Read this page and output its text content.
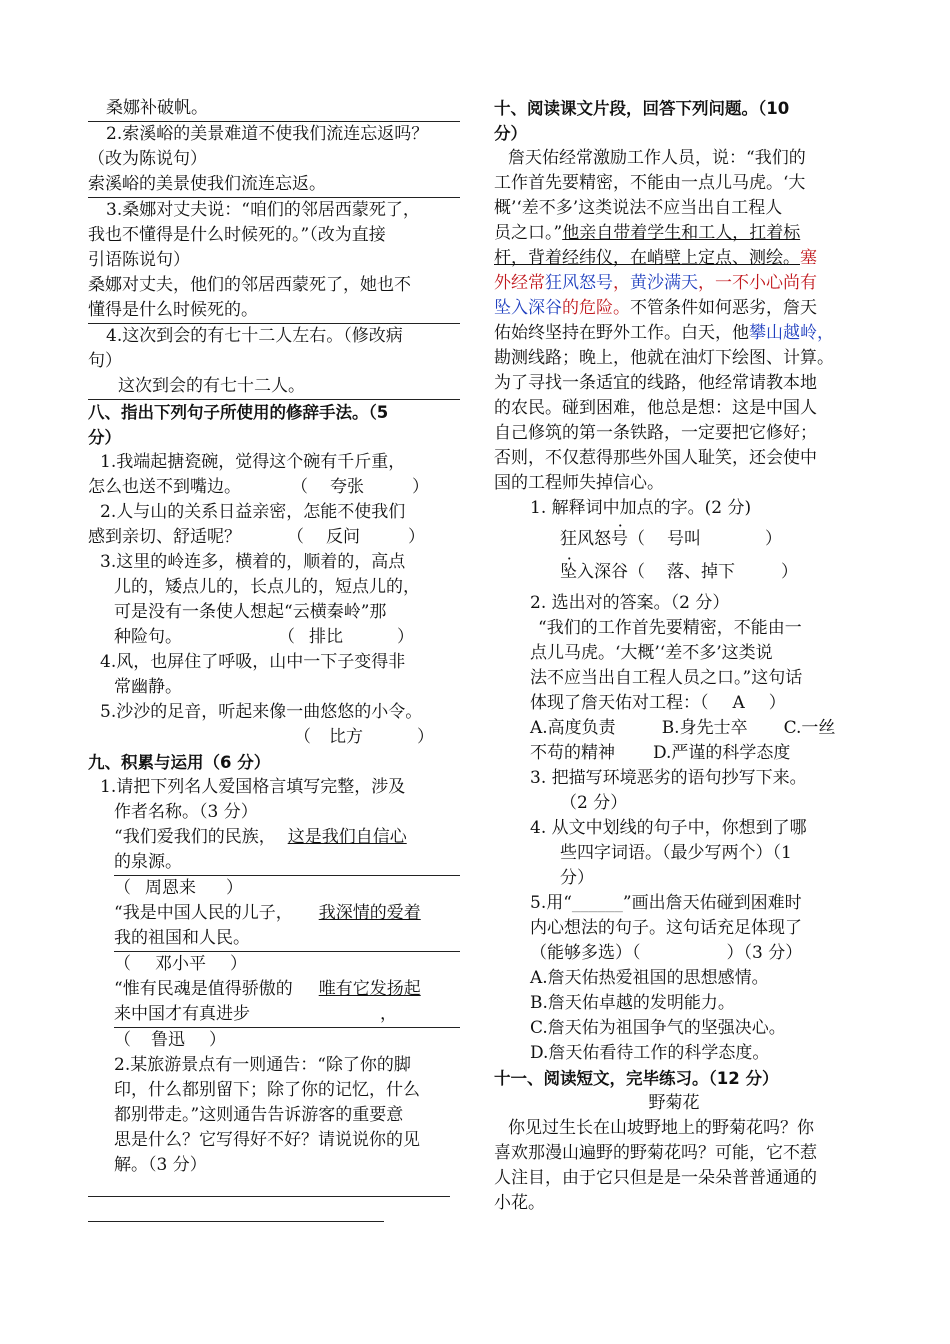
桑娜补破帆。

2.索溪峪的美景难道不使我们流连忘返吗？

（改为陈说句）

索溪峪的美景使我们流连忘返。

3.桑娜对丈夫说：“咱们的邻居西蒙死了，

我也不懂得是什么时候死的。”（改为直接

引语陈说句）

桑娜对丈夫，他们的邻居西蒙死了，她也不

懂得是什么时候死的。

4.这次到会的有七十二人左右。（修改病

句）

这次到会的有七十二人。

八、指出下列句子所使用的修辞手法。（5

分）

1.我端起搪瓷碗，觉得这个碗有千斤重，

怎么也送不到嘴边。	（ 夸张	）

2.人与山的关系日益亲密，怎能不使我们

感到亲切、舒适呢？	（ 反问	）

3.这里的岭连多，横着的，顺着的，高点

儿的，矮点儿的，长点儿的，短点儿的，

可是没有一条使人想起“云横秦岭”那

种险句。	（ 排比	）

4.风，也屏住了呼吸，山中一下子变得非

常幽静。

5.沙沙的足音，听起来像一曲悠悠的小令。

（ 比方	）

九、积累与运用（6 分）

1.请把下列名人爱国格言填写完整，涉及

作者名称。（3 分）

“我们爱我们的民族， 这是我们自信心

的泉源。

（ 周恩来 ）

“我是中国人民的儿子， 我深情的爱着

我的祖国和人民。

（ 邓小平 ）

“惟有民魂是值得骄傲的 唯有它发扬起

来中国才有真进步	，

（ 鲁迅 ）

2.某旅游景点有一则通告：“除了你的脚

印，什么都别留下；除了你的记忆，什么

都别带走。”这则通告告诉游客的重要意

思是什么？它写得好不好？请说说你的见

解。（3 分）

十、阅读课文片段，回答下列问题。（10

分）

詹天佑经常激励工作人员，说：“我们的

工作首先要精密，不能由一点儿马虎。‘大

概’‘差不多’这类说法不应当出自工程人

员之口。”他亲自带着学生和工人，扛着标

杆，背着经纬仪，在峭壁上定点、测绘。塞

外经常狂风怒号，黄沙满天，一不小心尚有

坠入深谷的危险。不管条件如何恶劣，詹天

佑始终坚持在野外工作。白天，他攀山越岭，

勘测线路；晚上，他就在油灯下绘图、计算。

为了寻找一条适宜的线路，他经常请教本地

的农民。碰到困难，他总是想：这是中国人

自己修筑的第一条铁路，一定要把它修好；

否则，不仅惹得那些外国人耻笑，还会使中

国的工程师失掉信心。

1. 解释词中加点的字。(2 分)

狂风怒号（ 号叫	）

坠入深谷（ 落、掉下	）

2. 选出对的答案。（2 分）

“我们的工作首先要精密，不能由一

点儿马虎。‘大概’‘差不多’这类说

法不应当出自工程人员之口。”这句话

体现了詹天佑对工程：（ A ）

A.高度负责	B.身先士卒 C.一丝

不苟的精神 D.严谨的科学态度

3. 把描写环境恶劣的语句抄写下来。

（2 分）

4. 从文中划线的句子中，你想到了哪

些四字词语。（最少写两个）（1

分）

5.用“______”画出詹天佑碰到困难时

内心想法的句子。这句话充足体现了

（能够多选）（	）（3 分）

A.詹天佑热爱祖国的思想感情。

B.詹天佑卓越的发明能力。

C.詹天佑为祖国争气的坚强决心。

D.詹天佑看待工作的科学态度。

十一、阅读短文，完毕练习。（12 分）

野菊花

你见过生长在山坡野地上的野菊花吗？你

喜欢那漫山遍野的野菊花吗？可能，它不惹

人注目，由于它只但是是一朵朵普普通通的

小花。
